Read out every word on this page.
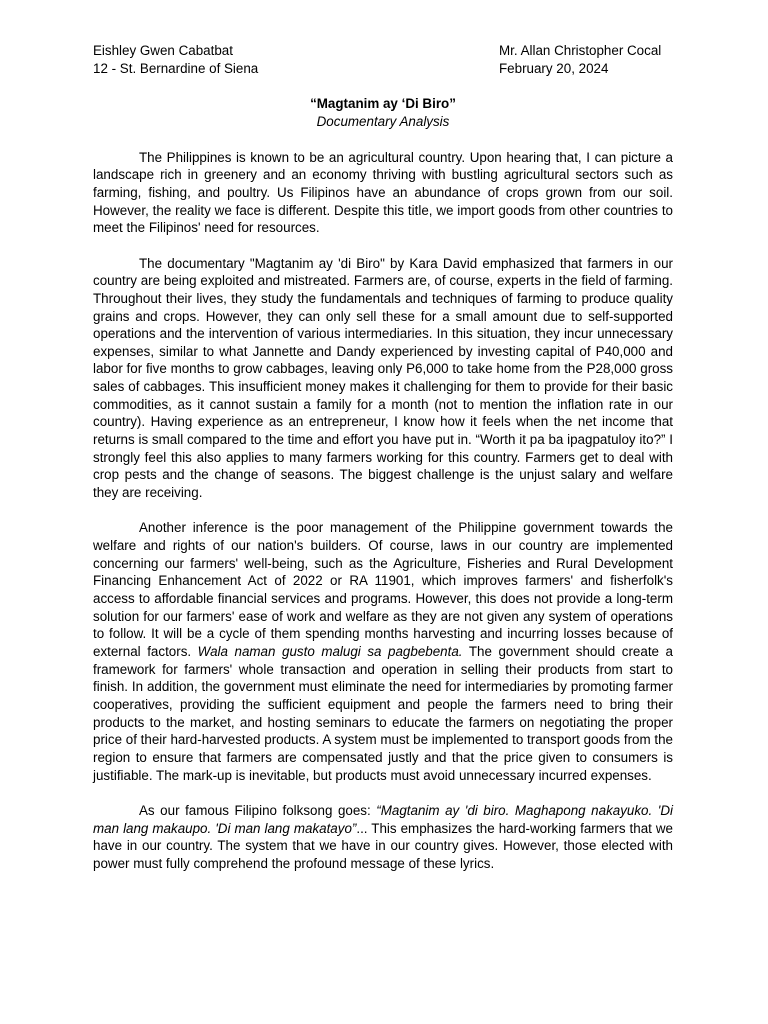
Eishley Gwen Cabatbat
12 - St. Bernardine of Siena
Mr. Allan Christopher Cocal
February 20, 2024
“Magtanim ay ‘Di Biro”
Documentary Analysis

The Philippines is known to be an agricultural country. Upon hearing that, I can picture a landscape rich in greenery and an economy thriving with bustling agricultural sectors such as farming, fishing, and poultry. Us Filipinos have an abundance of crops grown from our soil. However, the reality we face is different. Despite this title, we import goods from other countries to meet the Filipinos' need for resources.

The documentary "Magtanim ay 'di Biro" by Kara David emphasized that farmers in our country are being exploited and mistreated. Farmers are, of course, experts in the field of farming. Throughout their lives, they study the fundamentals and techniques of farming to produce quality grains and crops. However, they can only sell these for a small amount due to self-supported operations and the intervention of various intermediaries. In this situation, they incur unnecessary expenses, similar to what Jannette and Dandy experienced by investing capital of P40,000 and labor for five months to grow cabbages, leaving only P6,000 to take home from the P28,000 gross sales of cabbages. This insufficient money makes it challenging for them to provide for their basic commodities, as it cannot sustain a family for a month (not to mention the inflation rate in our country). Having experience as an entrepreneur, I know how it feels when the net income that returns is small compared to the time and effort you have put in. “Worth it pa ba ipagpatuloy ito?” I strongly feel this also applies to many farmers working for this country. Farmers get to deal with crop pests and the change of seasons. The biggest challenge is the unjust salary and welfare they are receiving.

Another inference is the poor management of the Philippine government towards the welfare and rights of our nation's builders. Of course, laws in our country are implemented concerning our farmers' well-being, such as the Agriculture, Fisheries and Rural Development Financing Enhancement Act of 2022 or RA 11901, which improves farmers' and fisherfolk's access to affordable financial services and programs. However, this does not provide a long-term solution for our farmers' ease of work and welfare as they are not given any system of operations to follow. It will be a cycle of them spending months harvesting and incurring losses because of external factors. Wala naman gusto malugi sa pagbebenta. The government should create a framework for farmers' whole transaction and operation in selling their products from start to finish. In addition, the government must eliminate the need for intermediaries by promoting farmer cooperatives, providing the sufficient equipment and people the farmers need to bring their products to the market, and hosting seminars to educate the farmers on negotiating the proper price of their hard-harvested products. A system must be implemented to transport goods from the region to ensure that farmers are compensated justly and that the price given to consumers is justifiable. The mark-up is inevitable, but products must avoid unnecessary incurred expenses.

As our famous Filipino folksong goes: “Magtanim ay 'di biro. Maghapong nakayuko. 'Di man lang makaupo. 'Di man lang makatayo”... This emphasizes the hard-working farmers that we have in our country. The system that we have in our country gives. However, those elected with power must fully comprehend the profound message of these lyrics.
